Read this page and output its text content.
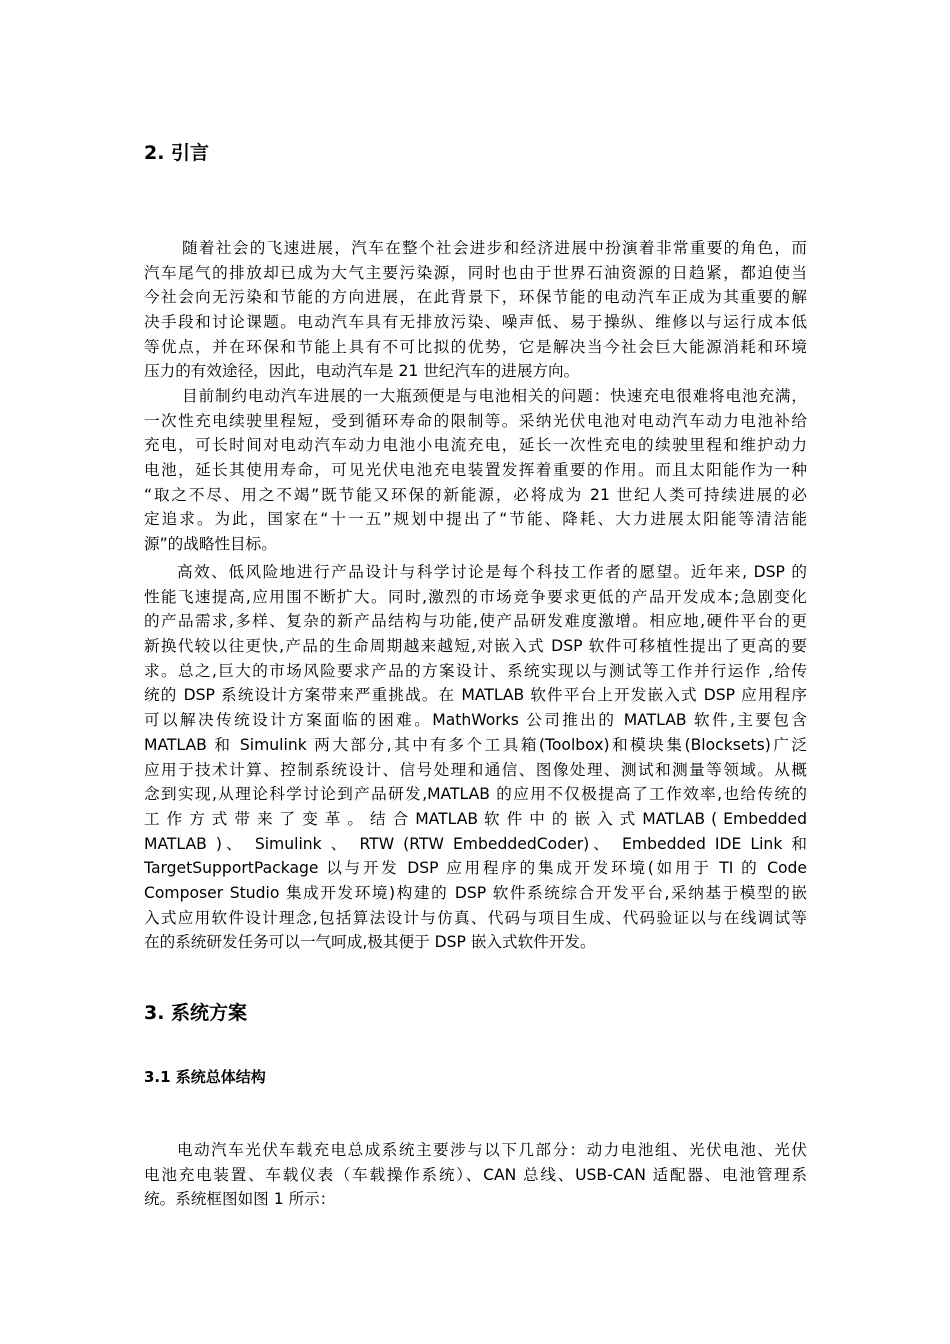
2. 引言
随着社会的飞速进展，汽车在整个社会进步和经济进展中扮演着非常重要的角色，而
汽车尾气的排放却已成为大气主要污染源，同时也由于世界石油资源的日趋紧，都迫使当
今社会向无污染和节能的方向进展，在此背景下，环保节能的电动汽车正成为其重要的解
决手段和讨论课题。电动汽车具有无排放污染、噪声低、易于操纵、维修以与运行成本低
等优点，并在环保和节能上具有不可比拟的优势，它是解决当今社会巨大能源消耗和环境
压力的有效途径，因此，电动汽车是 21 世纪汽车的进展方向。
目前制约电动汽车进展的一大瓶颈便是与电池相关的问题：快速充电很难将电池充满，
一次性充电续驶里程短，受到循环寿命的限制等。采纳光伏电池对电动汽车动力电池补给
充电，可长时间对电动汽车动力电池小电流充电，延长一次性充电的续驶里程和维护动力
电池，延长其使用寿命，可见光伏电池充电装置发挥着重要的作用。而且太阳能作为一种
“取之不尽、用之不竭”既节能又环保的新能源，必将成为 21 世纪人类可持续进展的必
定追求。为此，国家在“十一五”规划中提出了“节能、降耗、大力进展太阳能等清洁能
源”的战略性目标。
高效、低风险地进行产品设计与科学讨论是每个科技工作者的愿望。近年来, DSP 的
性能飞速提高,应用围不断扩大。同时,激烈的市场竞争要求更低的产品开发成本;急剧变化
的产品需求,多样、复杂的新产品结构与功能,使产品研发难度激增。相应地,硬件平台的更
新换代较以往更快,产品的生命周期越来越短,对嵌入式 DSP 软件可移植性提出了更高的要
求。总之,巨大的市场风险要求产品的方案设计、系统实现以与测试等工作并行运作 ,给传
统的 DSP 系统设计方案带来严重挑战。在 MATLAB 软件平台上开发嵌入式 DSP 应用程序
可以解决传统设计方案面临的困难。MathWorks 公司推出的 MATLAB 软件,主要包含
MATLAB 和 Simulink 两大部分,其中有多个工具箱(Toolbox)和模块集(Blocksets)广泛
应用于技术计算、控制系统设计、信号处理和通信、图像处理、测试和测量等领域。从概
念到实现,从理论科学讨论到产品研发,MATLAB 的应用不仅极提高了工作效率,也给传统的
工 作 方 式 带 来 了 变 革 。 结 合 MATLAB 软 件 中 的 嵌 入 式 MATLAB ( Embedded
MATLAB )、 Simulink 、 RTW (RTW EmbeddedCoder)、 Embedded IDE Link 和
TargetSupportPackage 以与开发 DSP 应用程序的集成开发环境(如用于 TI 的 Code
Composer Studio 集成开发环境)构建的 DSP 软件系统综合开发平台,采纳基于模型的嵌
入式应用软件设计理念,包括算法设计与仿真、代码与项目生成、代码验证以与在线调试等
在的系统研发任务可以一气呵成,极其便于 DSP 嵌入式软件开发。
3. 系统方案
3.1 系统总体结构
电动汽车光伏车载充电总成系统主要涉与以下几部分：动力电池组、光伏电池、光伏
电池充电装置、车载仪表（车载操作系统）、CAN 总线、USB-CAN 适配器、电池管理系
统。系统框图如图 1 所示：
